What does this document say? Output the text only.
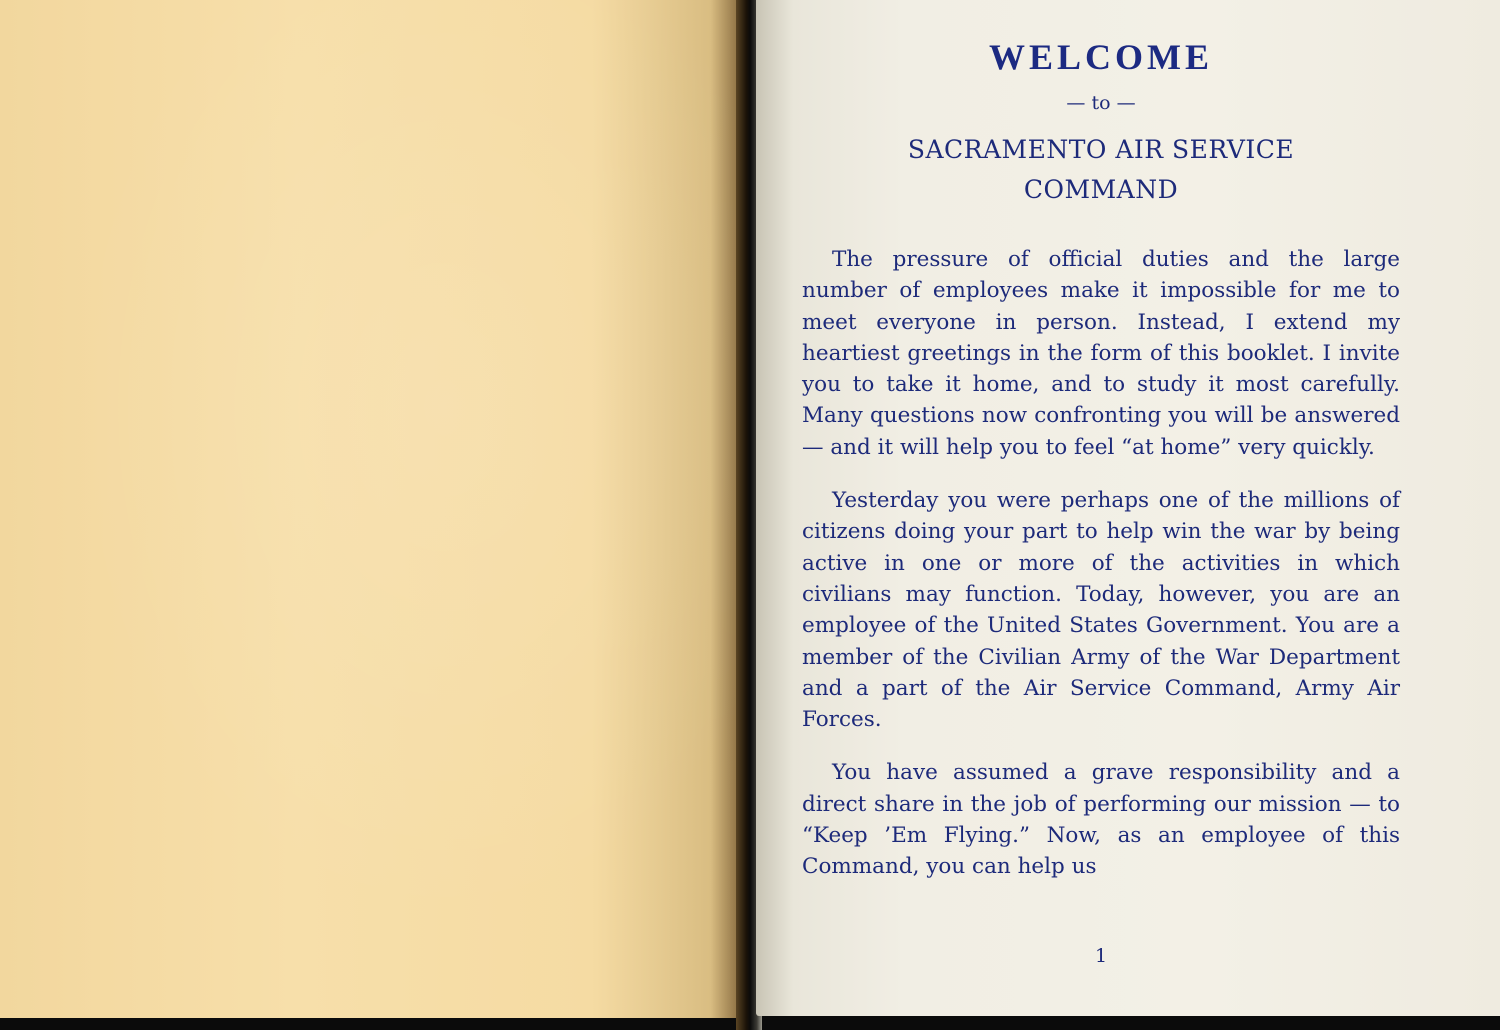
WELCOME
— to —
SACRAMENTO AIR SERVICE
COMMAND

The pressure of official duties and the large number of employees make it impossible for me to meet everyone in person. Instead, I extend my heartiest greetings in the form of this booklet. I invite you to take it home, and to study it most carefully. Many questions now confronting you will be answered — and it will help you to feel “at home” very quickly.

Yesterday you were perhaps one of the millions of citizens doing your part to help win the war by being active in one or more of the activities in which civilians may function. Today, however, you are an employee of the United States Government. You are a member of the Civilian Army of the War Department and a part of the Air Service Command, Army Air Forces.

You have assumed a grave responsibility and a direct share in the job of performing our mission — to “Keep ’Em Flying.” Now, as an employee of this Command, you can help us

1
